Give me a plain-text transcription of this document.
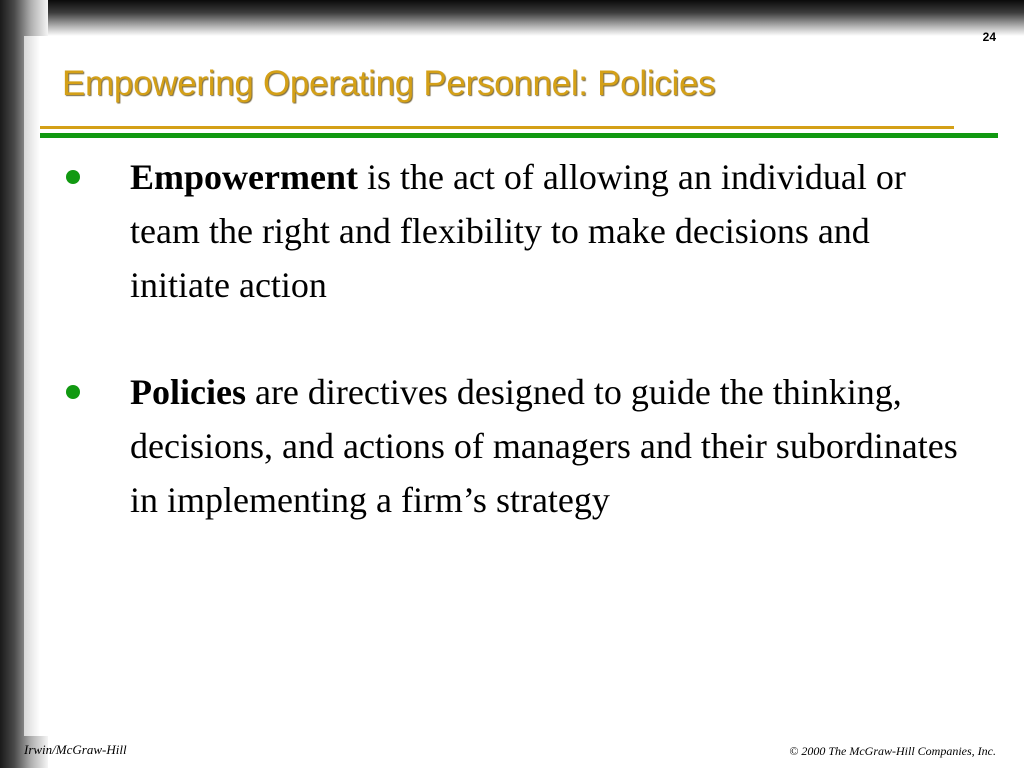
24
Empowering Operating Personnel: Policies
Empowerment is the act of allowing an individual or team the right and flexibility to make decisions and initiate action
Policies are directives designed to guide the thinking, decisions, and actions of managers and their subordinates in implementing a firm’s strategy
Irwin/McGraw-Hill	© 2000 The McGraw-Hill Companies, Inc.
